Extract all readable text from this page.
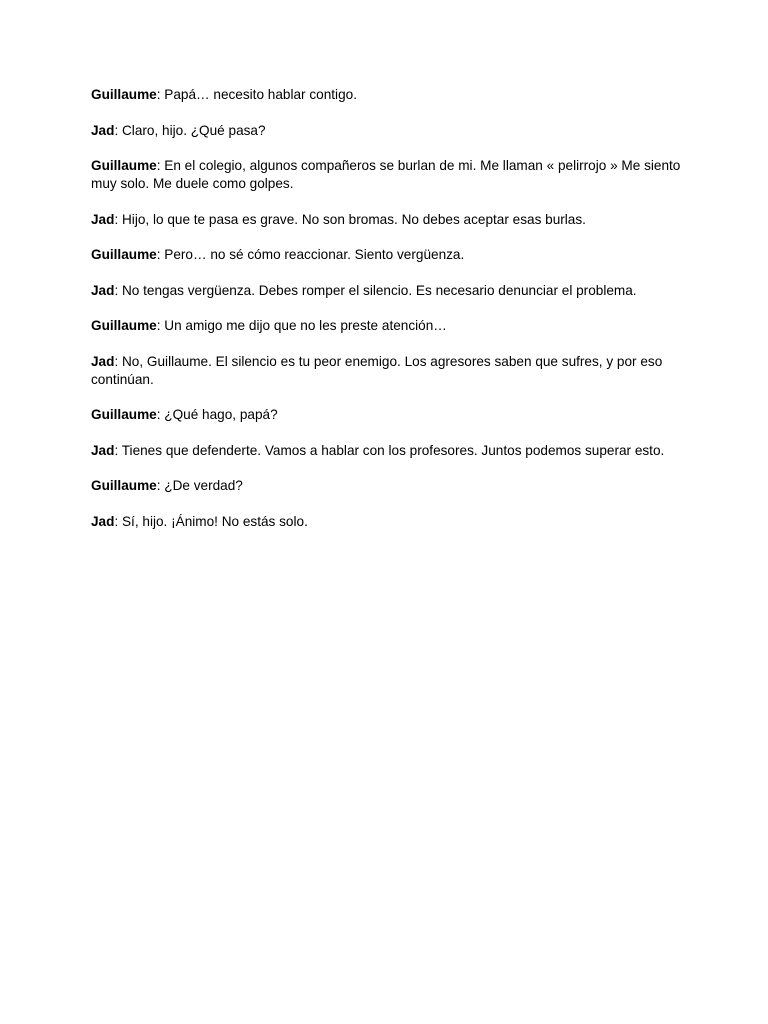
Guillaume: Papá… necesito hablar contigo.

Jad: Claro, hijo. ¿Qué pasa?

Guillaume: En el colegio, algunos compañeros se burlan de mi. Me llaman « pelirrojo » Me siento muy solo. Me duele como golpes.

Jad: Hijo, lo que te pasa es grave. No son bromas. No debes aceptar esas burlas.

Guillaume: Pero… no sé cómo reaccionar. Siento vergüenza.

Jad: No tengas vergüenza. Debes romper el silencio. Es necesario denunciar el problema.

Guillaume: Un amigo me dijo que no les preste atención…

Jad: No, Guillaume. El silencio es tu peor enemigo. Los agresores saben que sufres, y por eso continúan.

Guillaume: ¿Qué hago, papá?

Jad: Tienes que defenderte. Vamos a hablar con los profesores. Juntos podemos superar esto.

Guillaume: ¿De verdad?

Jad: Sí, hijo. ¡Ánimo! No estás solo.
